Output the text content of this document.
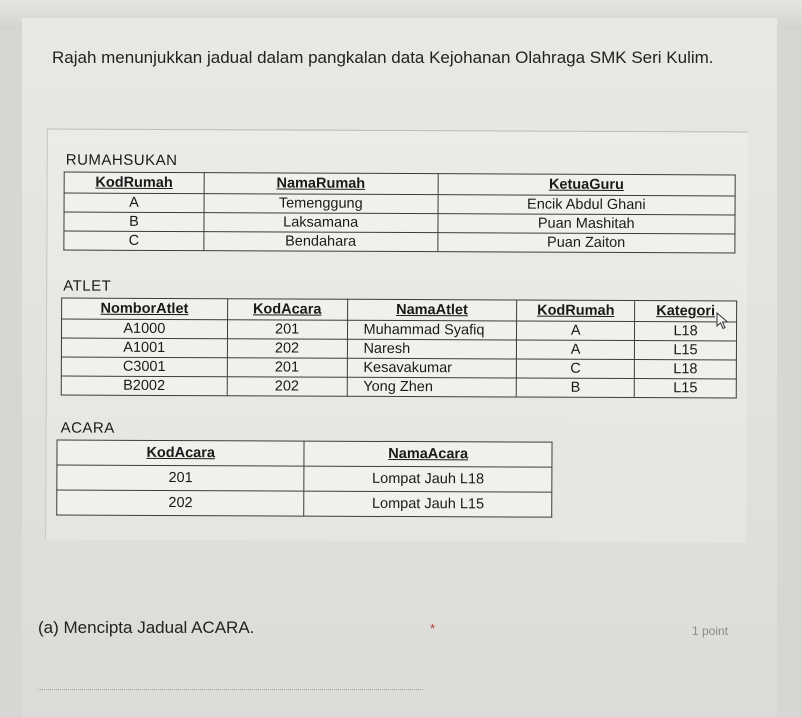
Rajah menunjukkan jadual dalam pangkalan data Kejohanan Olahraga SMK Seri Kulim.
RUMAHSUKAN
KodRumah	NamaRumah	KetuaGuru
A	Temenggung	Encik Abdul Ghani
B	Laksamana	Puan Mashitah
C	Bendahara	Puan Zaiton
ATLET
NomborAtlet	KodAcara	NamaAtlet	KodRumah	Kategori
A1000	201	Muhammad Syafiq	A	L18
A1001	202	Naresh	A	L15
C3001	201	Kesavakumar	C	L18
B2002	202	Yong Zhen	B	L15
ACARA
KodAcara	NamaAcara
201	Lompat Jauh L18
202	Lompat Jauh L15
(a) Mencipta Jadual ACARA.	*	1 point
